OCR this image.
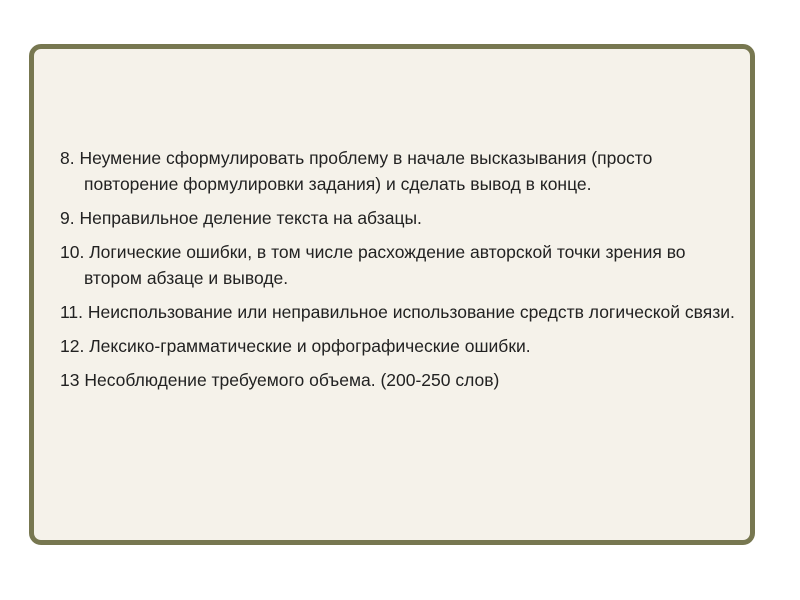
8. Неумение сформулировать проблему в начале высказывания (просто повторение формулировки задания) и сделать вывод в конце.

9. Неправильное деление текста на абзацы.

10. Логические ошибки, в том числе расхождение авторской точки зрения во втором абзаце и выводе.

11. Неиспользование или неправильное использование средств логической связи.

12. Лексико-грамматические и орфографические ошибки.

13 Несоблюдение требуемого объема. (200-250 слов)
